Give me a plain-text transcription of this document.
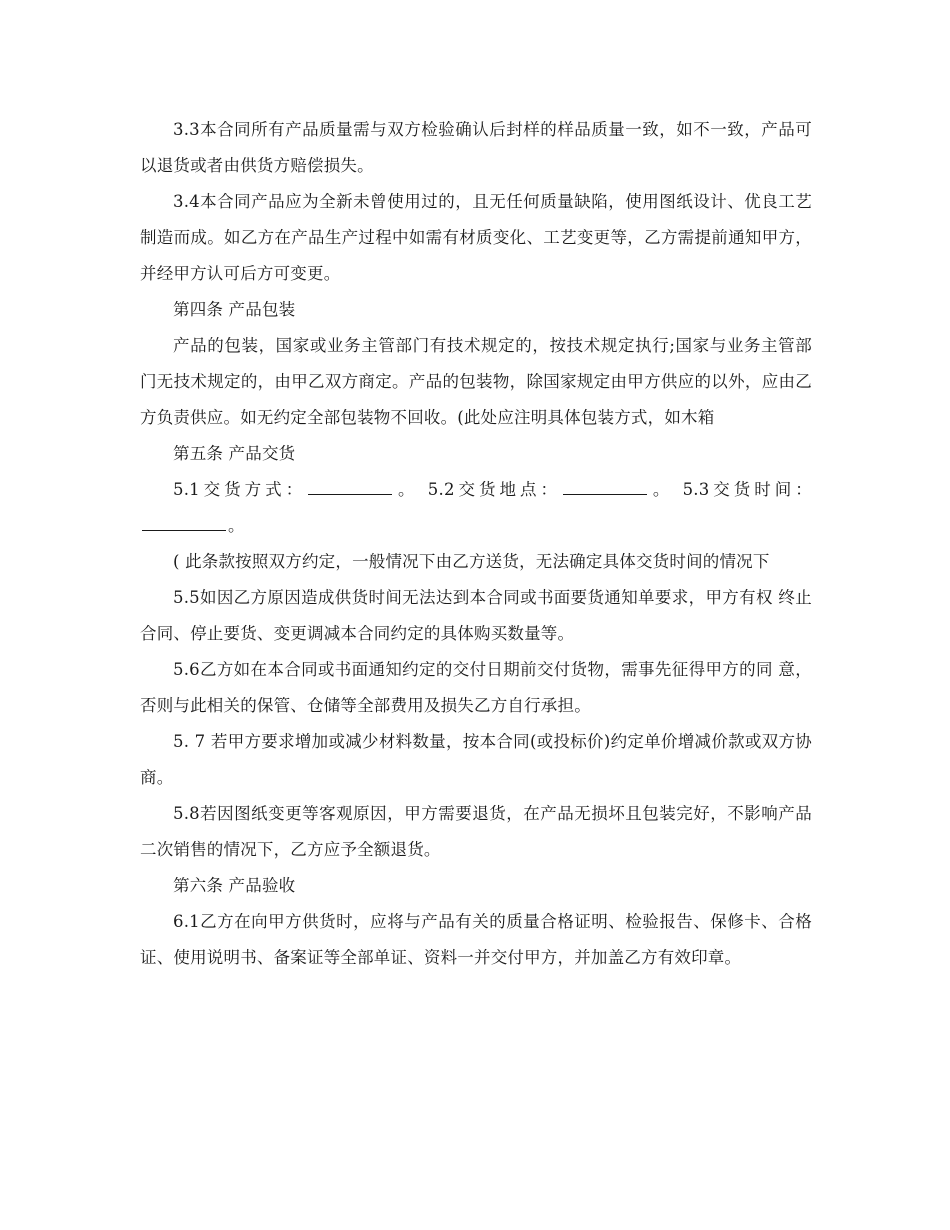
3.3本合同所有产品质量需与双方检验确认后封样的样品质量一致，如不一致，产品可以退货或者由供货方赔偿损失。

3.4本合同产品应为全新未曾使用过的，且无任何质量缺陷，使用图纸设计、优良工艺制造而成。如乙方在产品生产过程中如需有材质变化、工艺变更等，乙方需提前通知甲方，并经甲方认可后方可变更。

第四条 产品包装

产品的包装，国家或业务主管部门有技术规定的，按技术规定执行;国家与业务主管部门无技术规定的，由甲乙双方商定。产品的包装物，除国家规定由甲方供应的以外，应由乙方负责供应。如无约定全部包装物不回收。(此处应注明具体包装方式，如木箱

第五条 产品交货

5.1交货方式：	。 5.2交货地点：	。 5.3交货时间：。

( 此条款按照双方约定，一般情况下由乙方送货，无法确定具体交货时间的情况下

5.5如因乙方原因造成供货时间无法达到本合同或书面要货通知单要求，甲方有权 终止合同、停止要货、变更调减本合同约定的具体购买数量等。

5.6乙方如在本合同或书面通知约定的交付日期前交付货物，需事先征得甲方的同 意，否则与此相关的保管、仓储等全部费用及损失乙方自行承担。

5. 7 若甲方要求增加或减少材料数量，按本合同(或投标价)约定单价增减价款或双方协商。

5.8若因图纸变更等客观原因，甲方需要退货，在产品无损坏且包装完好，不影响产品二次销售的情况下，乙方应予全额退货。

第六条 产品验收

6.1乙方在向甲方供货时，应将与产品有关的质量合格证明、检验报告、保修卡、合格证、使用说明书、备案证等全部单证、资料一并交付甲方，并加盖乙方有效印章。
